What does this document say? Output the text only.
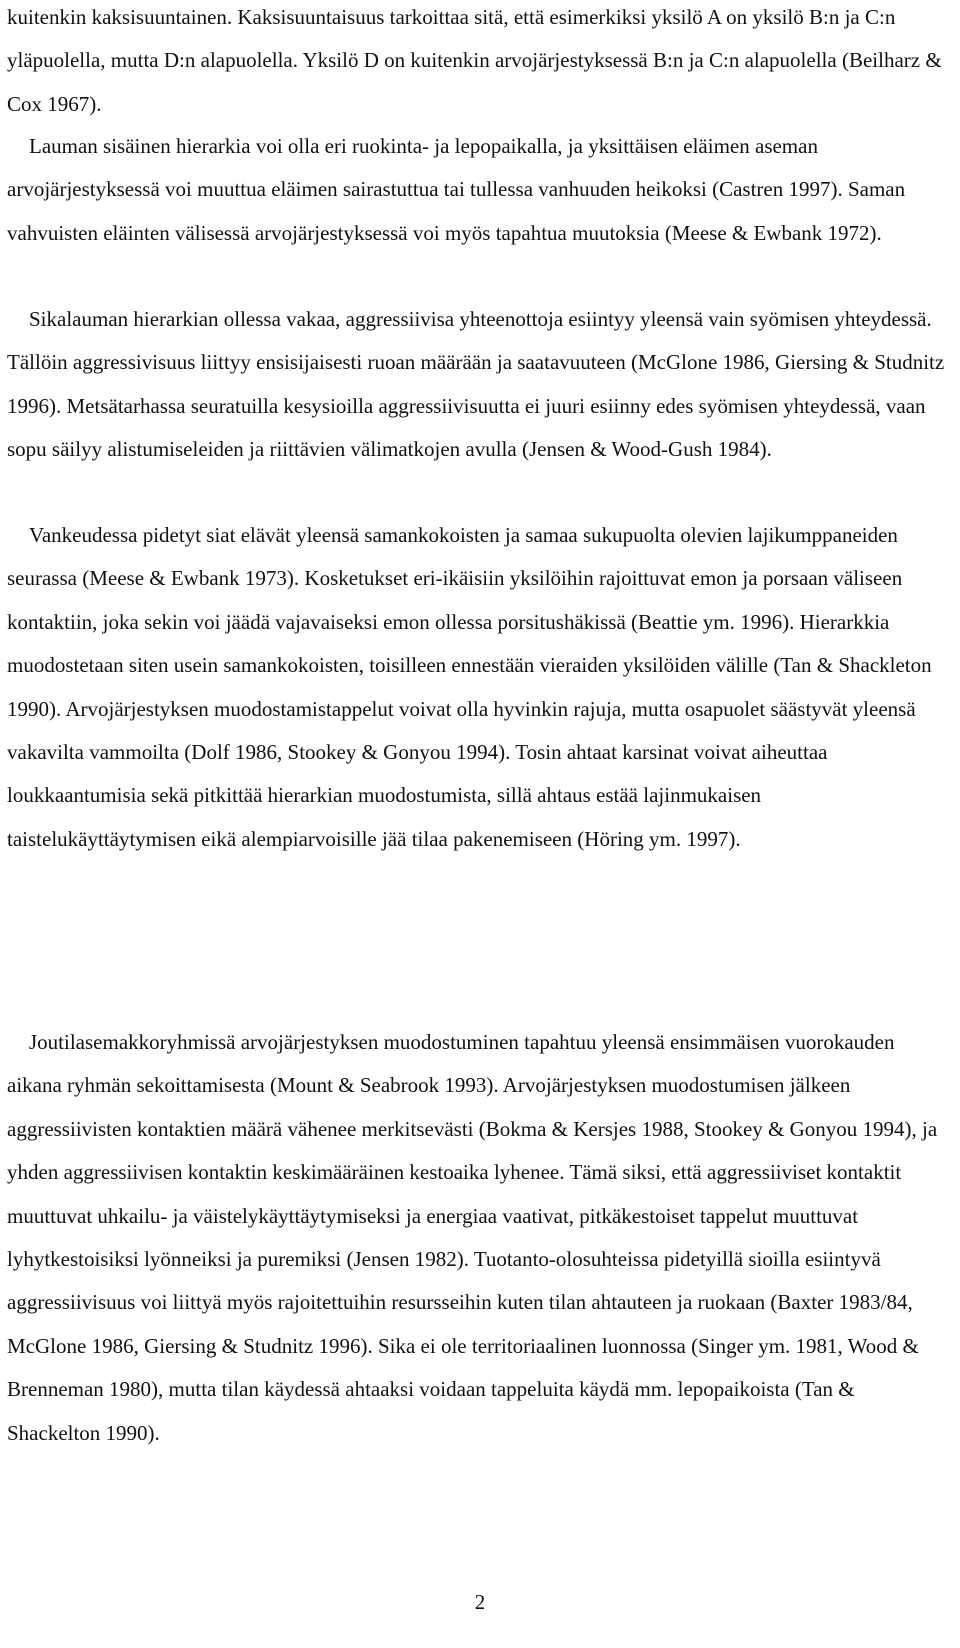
kuitenkin kaksisuuntainen. Kaksisuuntaisuus tarkoittaa sitä, että esimerkiksi yksilö A on yksilö B:n ja C:n yläpuolella, mutta D:n alapuolella. Yksilö D on kuitenkin arvojärjestyksessä B:n ja C:n alapuolella (Beilharz & Cox 1967).

Lauman sisäinen hierarkia voi olla eri ruokinta- ja lepopaikalla, ja yksittäisen eläimen aseman arvojärjestyksessä voi muuttua eläimen sairastuttua tai tullessa vanhuuden heikoksi (Castren 1997). Saman vahvuisten eläinten välisessä arvojärjestyksessä voi myös tapahtua muutoksia (Meese & Ewbank 1972).

Sikalauman hierarkian ollessa vakaa, aggressiivisa yhteenottoja esiintyy yleensä vain syömisen yhteydessä. Tällöin aggressivisuus liittyy ensisijaisesti ruoan määrään ja saatavuuteen (McGlone 1986, Giersing & Studnitz 1996). Metsätarhassa seuratuilla kesysioilla aggressiivisuutta ei juuri esiinny edes syömisen yhteydessä, vaan sopu säilyy alistumiseleiden ja riittävien välimatkojen avulla (Jensen & Wood-Gush 1984).

Vankeudessa pidetyt siat elävät yleensä samankokoisten ja samaa sukupuolta olevien lajikumppaneiden seurassa (Meese & Ewbank 1973). Kosketukset eri-ikäisiin yksilöihin rajoittuvat emon ja porsaan väliseen kontaktiin, joka sekin voi jäädä vajavaiseksi emon ollessa porsitushäkissä (Beattie ym. 1996). Hierarkkia muodostetaan siten usein samankokoisten, toisilleen ennestään vieraiden yksilöiden välille (Tan & Shackleton 1990). Arvojärjestyksen muodostamistappelut voivat olla hyvinkin rajuja, mutta osapuolet säästyvät yleensä vakavilta vammoilta (Dolf 1986, Stookey & Gonyou 1994). Tosin ahtaat karsinat voivat aiheuttaa loukkaantumisia sekä pitkittää hierarkian muodostumista, sillä ahtaus estää lajinmukaisen taistelukäyttäytymisen eikä alempiarvoisille jää tilaa pakenemiseen (Höring ym. 1997).

Joutilasemakkoryhmissä arvojärjestyksen muodostuminen tapahtuu yleensä ensimmäisen vuorokauden aikana ryhmän sekoittamisesta (Mount & Seabrook 1993). Arvojärjestyksen muodostumisen jälkeen aggressiivisten kontaktien määrä vähenee merkitsevästi (Bokma & Kersjes 1988, Stookey & Gonyou 1994), ja yhden aggressiivisen kontaktin keskimääräinen kestoaika lyhenee. Tämä siksi, että aggressiiviset kontaktit muuttuvat uhkailu- ja väistelykäyttäytymiseksi ja energiaa vaativat, pitkäkestoiset tappelut muuttuvat lyhytkestoisiksi lyönneiksi ja puremiksi (Jensen 1982). Tuotanto-olosuhteissa pidetyillä sioilla esiintyvä aggressiivisuus voi liittyä myös rajoitettuihin resursseihin kuten tilan ahtauteen ja ruokaan (Baxter 1983/84, McGlone 1986, Giersing & Studnitz 1996). Sika ei ole territoriaalinen luonnossa (Singer ym. 1981, Wood & Brenneman 1980), mutta tilan käydessä ahtaaksi voidaan tappeluita käydä mm. lepopaikoista (Tan & Shackelton 1990).

2
